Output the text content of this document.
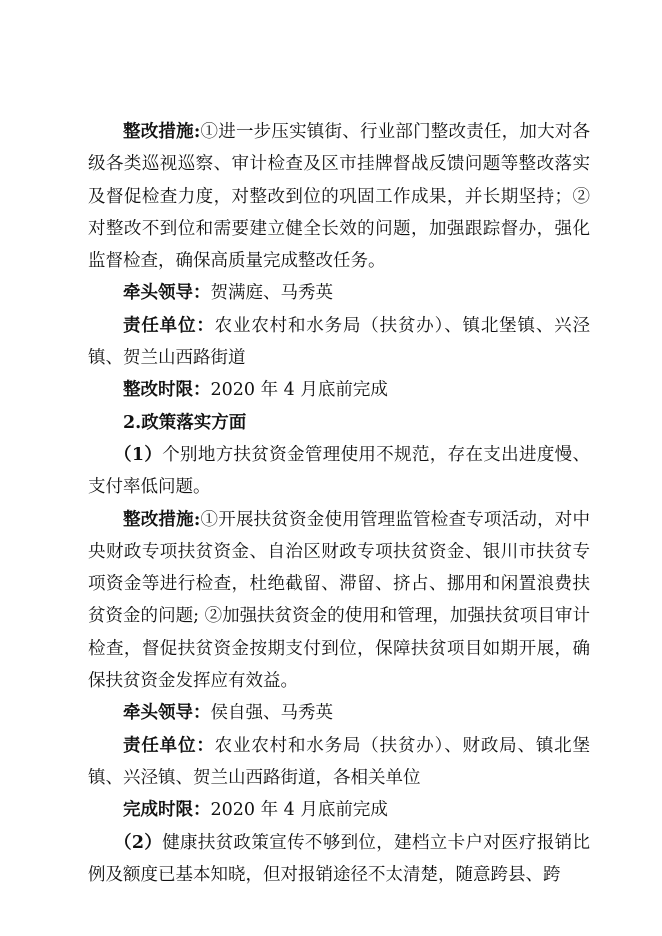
整改措施:①进一步压实镇街、行业部门整改责任，加大对各级各类巡视巡察、审计检查及区市挂牌督战反馈问题等整改落实及督促检查力度，对整改到位的巩固工作成果，并长期坚持；②对整改不到位和需要建立健全长效的问题，加强跟踪督办，强化监督检查，确保高质量完成整改任务。

牵头领导：贺满庭、马秀英

责任单位：农业农村和水务局（扶贫办）、镇北堡镇、兴泾镇、贺兰山西路街道

整改时限：2020 年 4 月底前完成

2.政策落实方面

（1）个别地方扶贫资金管理使用不规范，存在支出进度慢、支付率低问题。

整改措施:①开展扶贫资金使用管理监管检查专项活动，对中央财政专项扶贫资金、自治区财政专项扶贫资金、银川市扶贫专项资金等进行检查，杜绝截留、滞留、挤占、挪用和闲置浪费扶贫资金的问题; ②加强扶贫资金的使用和管理，加强扶贫项目审计检查，督促扶贫资金按期支付到位，保障扶贫项目如期开展，确保扶贫资金发挥应有效益。

牵头领导：侯自强、马秀英

责任单位：农业农村和水务局（扶贫办）、财政局、镇北堡镇、兴泾镇、贺兰山西路街道，各相关单位

完成时限：2020 年 4 月底前完成

（2）健康扶贫政策宣传不够到位，建档立卡户对医疗报销比例及额度已基本知晓，但对报销途径不太清楚，随意跨县、跨
